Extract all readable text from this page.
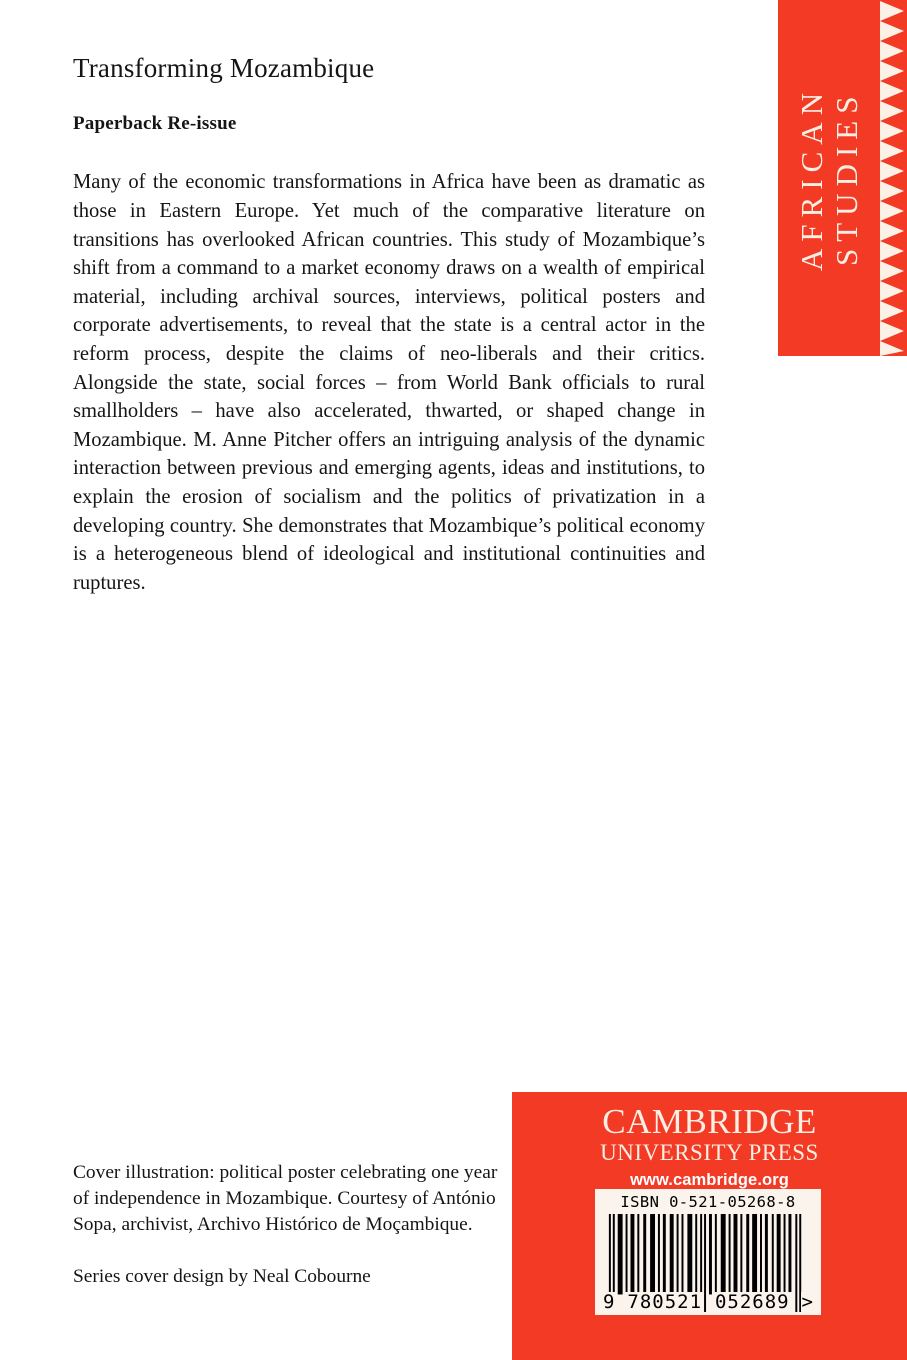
AFRICAN STUDIES
Transforming Mozambique

Paperback Re-issue

Many of the economic transformations in Africa have been as dramatic as those in Eastern Europe. Yet much of the comparative literature on transitions has overlooked African countries. This study of Mozambique’s shift from a command to a market economy draws on a wealth of empirical material, including archival sources, interviews, political posters and corporate advertisements, to reveal that the state is a central actor in the reform process, despite the claims of neo-liberals and their critics. Alongside the state, social forces – from World Bank officials to rural smallholders – have also accelerated, thwarted, or shaped change in Mozambique. M. Anne Pitcher offers an intriguing analysis of the dynamic interaction between previous and emerging agents, ideas and institutions, to explain the erosion of socialism and the politics of privatization in a developing country. She demonstrates that Mozambique’s political economy is a heterogeneous blend of ideological and institutional continuities and ruptures.

Cover illustration: political poster celebrating one year of independence in Mozambique. Courtesy of António Sopa, archivist, Archivo Histórico de Moçambique.

Series cover design by Neal Cobourne

CAMBRIDGE
UNIVERSITY PRESS
www.cambridge.org
ISBN 0-521-05268-8
9 780521 052689 >
